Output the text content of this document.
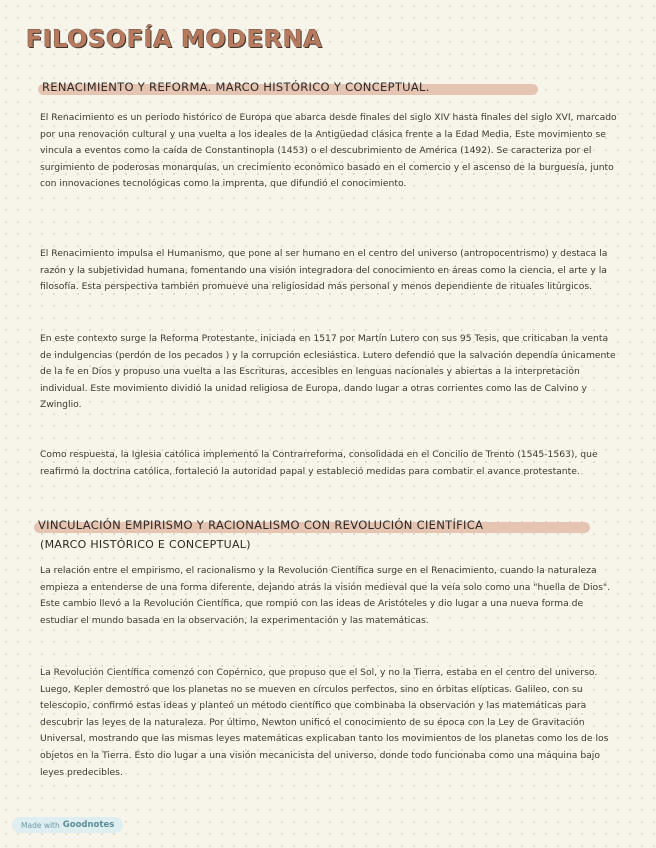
FILOSOFÍA MODERNA
RENACIMIENTO Y REFORMA. MARCO HISTÓRICO Y CONCEPTUAL.

El Renacimiento es un periodo histórico de Europa que abarca desde finales del siglo XIV hasta finales del siglo XVI, marcado por una renovación cultural y una vuelta a los ideales de la Antigüedad clásica frente a la Edad Media. Este movimiento se vincula a eventos como la caída de Constantinopla (1453) o el descubrimiento de América (1492). Se caracteriza por el surgimiento de poderosas monarquías, un crecimiento económico basado en el comercio y el ascenso de la burguesía, junto con innovaciones tecnológicas como la imprenta, que difundió el conocimiento.

El Renacimiento impulsa el Humanismo, que pone al ser humano en el centro del universo (antropocentrismo) y destaca la razón y la subjetividad humana, fomentando una visión integradora del conocimiento en áreas como la ciencia, el arte y la filosofía. Esta perspectiva también promueve una religiosidad más personal y menos dependiente de rituales litúrgicos.

En este contexto surge la Reforma Protestante, iniciada en 1517 por Martín Lutero con sus 95 Tesis, que criticaban la venta de indulgencias (perdón de los pecados ) y la corrupción eclesiástica. Lutero defendió que la salvación dependía únicamente de la fe en Dios y propuso una vuelta a las Escrituras, accesibles en lenguas nacionales y abiertas a la interpretación individual. Este movimiento dividió la unidad religiosa de Europa, dando lugar a otras corrientes como las de Calvino y Zwinglio.

Como respuesta, la Iglesia católica implementó la Contrarreforma, consolidada en el Concilio de Trento (1545-1563), que reafirmó la doctrina católica, fortaleció la autoridad papal y estableció medidas para combatir el avance protestante.

VINCULACIÓN EMPIRISMO Y RACIONALISMO CON REVOLUCIÓN CIENTÍFICA
(MARCO HISTÓRICO E CONCEPTUAL)

La relación entre el empirismo, el racionalismo y la Revolución Científica surge en el Renacimiento, cuando la naturaleza empieza a entenderse de una forma diferente, dejando atrás la visión medieval que la veía solo como una "huella de Dios". Este cambio llevó a la Revolución Científica, que rompió con las ideas de Aristóteles y dio lugar a una nueva forma de estudiar el mundo basada en la observación, la experimentación y las matemáticas.

La Revolución Científica comenzó con Copérnico, que propuso que el Sol, y no la Tierra, estaba en el centro del universo. Luego, Kepler demostró que los planetas no se mueven en círculos perfectos, sino en órbitas elípticas. Galileo, con su telescopio, confirmó estas ideas y planteó un método científico que combinaba la observación y las matemáticas para descubrir las leyes de la naturaleza. Por último, Newton unificó el conocimiento de su época con la Ley de Gravitación Universal, mostrando que las mismas leyes matemáticas explicaban tanto los movimientos de los planetas como los de los objetos en la Tierra. Esto dio lugar a una visión mecanicista del universo, donde todo funcionaba como una máquina bajo leyes predecibles.

Made with Goodnotes
